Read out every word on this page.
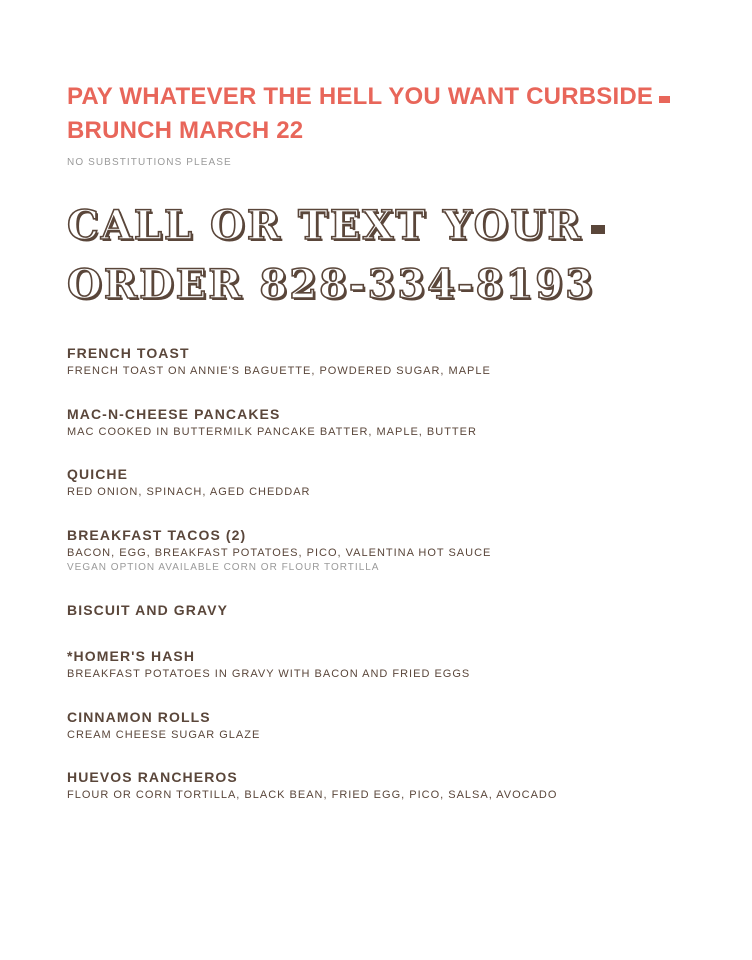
PAY WHATEVER THE HELL YOU WANT CURBSIDE
BRUNCH MARCH 22

NO SUBSTITUTIONS PLEASE

CALL OR TEXT YOUR
ORDER 828-334-8193
FRENCH TOAST
FRENCH TOAST ON ANNIE'S BAGUETTE, POWDERED SUGAR, MAPLE
MAC-N-CHEESE PANCAKES
MAC COOKED IN BUTTERMILK PANCAKE BATTER, MAPLE, BUTTER
QUICHE
RED ONION, SPINACH, AGED CHEDDAR
BREAKFAST TACOS (2)
BACON, EGG, BREAKFAST POTATOES, PICO, VALENTINA HOT SAUCE
VEGAN OPTION AVAILABLE CORN OR FLOUR TORTILLA
BISCUIT AND GRAVY
*HOMER'S HASH
BREAKFAST POTATOES IN GRAVY WITH BACON AND FRIED EGGS
CINNAMON ROLLS
CREAM CHEESE SUGAR GLAZE
HUEVOS RANCHEROS
FLOUR OR CORN TORTILLA, BLACK BEAN, FRIED EGG, PICO, SALSA, AVOCADO
